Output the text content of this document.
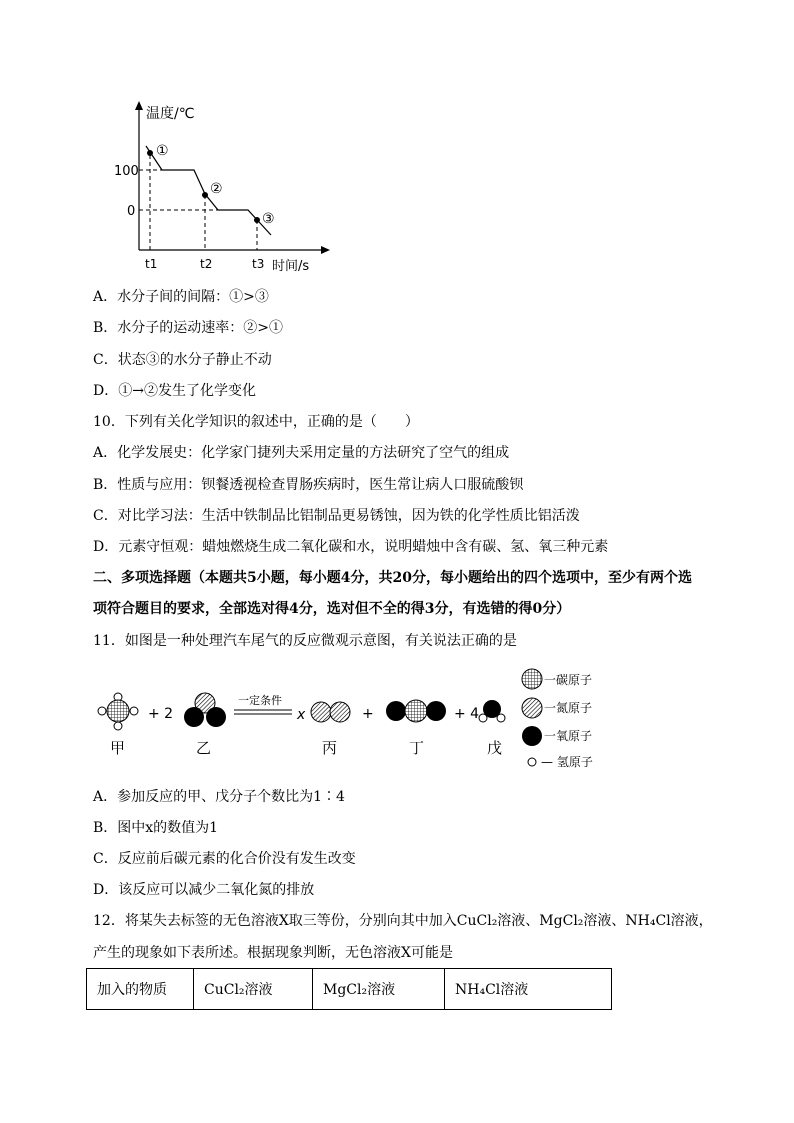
温度/℃
时间/s
100
0
①
②
③
t1	t2	t3
+ 2
一定条件
x	+	+ 4
甲	乙	丙	丁	戊
一碳原子
一氮原子
一氧原子
— 氢原子
A．水分子间的间隔：①>③
B．水分子的运动速率：②>①
C．状态③的水分子静止不动
D．①→②发生了化学变化
10．下列有关化学知识的叙述中，正确的是（　　）
A．化学发展史：化学家门捷列夫采用定量的方法研究了空气的组成
B．性质与应用：钡餐透视检查胃肠疾病时，医生常让病人口服硫酸钡
C．对比学习法：生活中铁制品比铝制品更易锈蚀，因为铁的化学性质比铝活泼
D．元素守恒观：蜡烛燃烧生成二氧化碳和水，说明蜡烛中含有碳、氢、氧三种元素
二、多项选择题（本题共5小题，每小题4分，共20分，每小题给出的四个选项中，至少有两个选
项符合题目的要求，全部选对得4分，选对但不全的得3分，有选错的得0分）
11．如图是一种处理汽车尾气的反应微观示意图，有关说法正确的是
A．参加反应的甲、戊分子个数比为1∶4
B．图中x的数值为1
C．反应前后碳元素的化合价没有发生改变
D．该反应可以减少二氧化氮的排放
12．将某失去标签的无色溶液X取三等份，分别向其中加入CuCl₂溶液、MgCl₂溶液、NH₄Cl溶液，
产生的现象如下表所述。根据现象判断，无色溶液X可能是
加入的物质	CuCl₂溶液	MgCl₂溶液	NH₄Cl溶液
